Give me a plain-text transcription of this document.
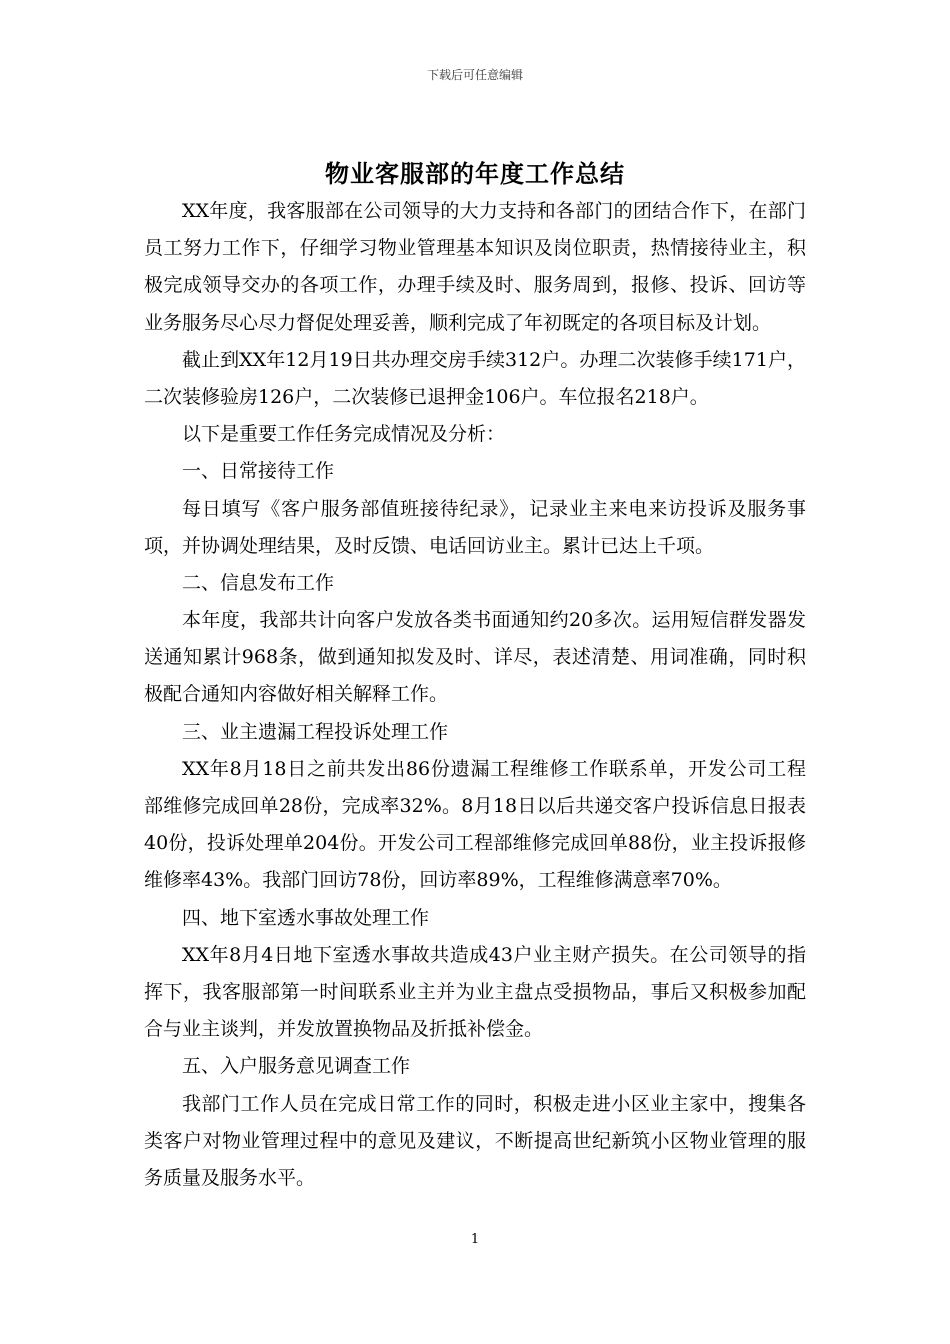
下载后可任意编辑
物业客服部的年度工作总结
XX年度，我客服部在公司领导的大力支持和各部门的团结合作下，在部门
员工努力工作下，仔细学习物业管理基本知识及岗位职责，热情接待业主，积
极完成领导交办的各项工作，办理手续及时、服务周到，报修、投诉、回访等
业务服务尽心尽力督促处理妥善，顺利完成了年初既定的各项目标及计划。
截止到XX年12月19日共办理交房手续312户。办理二次装修手续171户，
二次装修验房126户，二次装修已退押金106户。车位报名218户。
以下是重要工作任务完成情况及分析：
一、日常接待工作
每日填写《客户服务部值班接待纪录》，记录业主来电来访投诉及服务事
项，并协调处理结果，及时反馈、电话回访业主。累计已达上千项。
二、信息发布工作
本年度，我部共计向客户发放各类书面通知约20多次。运用短信群发器发
送通知累计968条，做到通知拟发及时、详尽，表述清楚、用词准确，同时积
极配合通知内容做好相关解释工作。
三、业主遗漏工程投诉处理工作
XX年8月18日之前共发出86份遗漏工程维修工作联系单，开发公司工程
部维修完成回单28份，完成率32%。8月18日以后共递交客户投诉信息日报表
40份，投诉处理单204份。开发公司工程部维修完成回单88份，业主投诉报修
维修率43%。我部门回访78份，回访率89%，工程维修满意率70%。
四、地下室透水事故处理工作
XX年8月4日地下室透水事故共造成43户业主财产损失。在公司领导的指
挥下，我客服部第一时间联系业主并为业主盘点受损物品，事后又积极参加配
合与业主谈判，并发放置换物品及折抵补偿金。
五、入户服务意见调查工作
我部门工作人员在完成日常工作的同时，积极走进小区业主家中，搜集各
类客户对物业管理过程中的意见及建议，不断提高世纪新筑小区物业管理的服
务质量及服务水平。
1
